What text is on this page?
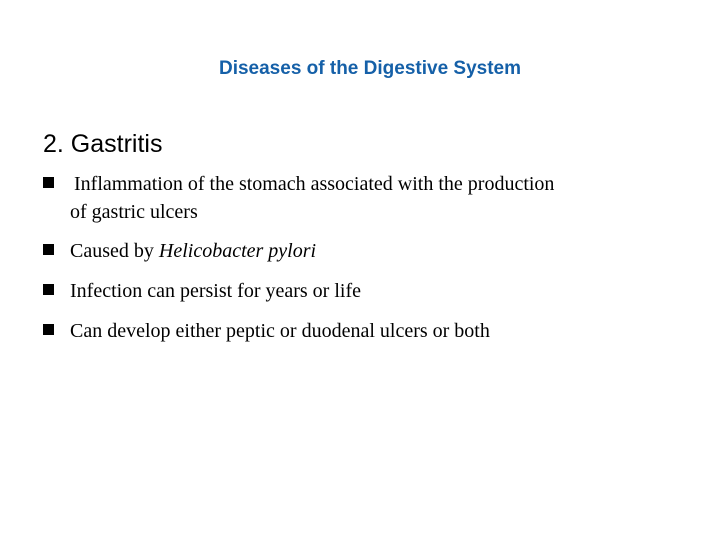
Diseases of the Digestive System
2. Gastritis
Inflammation of the stomach associated with the production
of gastric ulcers
Caused by Helicobacter pylori
Infection can persist for years or life
Can develop either peptic or duodenal ulcers or both
